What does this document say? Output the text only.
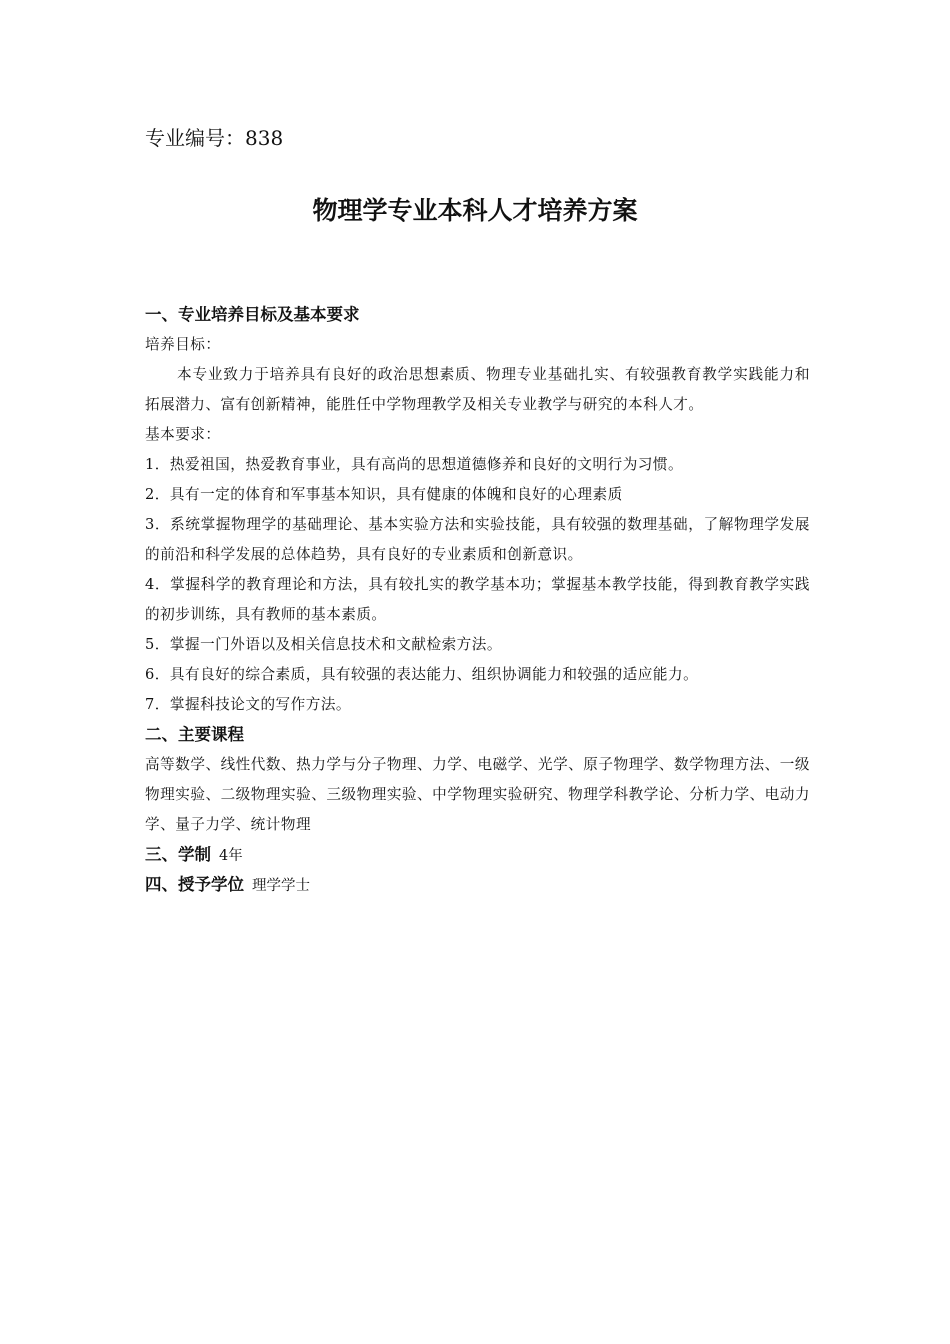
专业编号：838
物理学专业本科人才培养方案
一、专业培养目标及基本要求
培养目标：
本专业致力于培养具有良好的政治思想素质、物理专业基础扎实、有较强教育教学实践能力和拓展潜力、富有创新精神，能胜任中学物理教学及相关专业教学与研究的本科人才。
基本要求：
1．热爱祖国，热爱教育事业，具有高尚的思想道德修养和良好的文明行为习惯。
2．具有一定的体育和军事基本知识，具有健康的体魄和良好的心理素质
3．系统掌握物理学的基础理论、基本实验方法和实验技能，具有较强的数理基础，了解物理学发展的前沿和科学发展的总体趋势，具有良好的专业素质和创新意识。
4．掌握科学的教育理论和方法，具有较扎实的教学基本功；掌握基本教学技能，得到教育教学实践的初步训练，具有教师的基本素质。
5．掌握一门外语以及相关信息技术和文献检索方法。
6．具有良好的综合素质，具有较强的表达能力、组织协调能力和较强的适应能力。
7．掌握科技论文的写作方法。
二、主要课程
高等数学、线性代数、热力学与分子物理、力学、电磁学、光学、原子物理学、数学物理方法、一级物理实验、二级物理实验、三级物理实验、中学物理实验研究、物理学科教学论、分析力学、电动力学、量子力学、统计物理
三、学制 4年
四、授予学位 理学学士
